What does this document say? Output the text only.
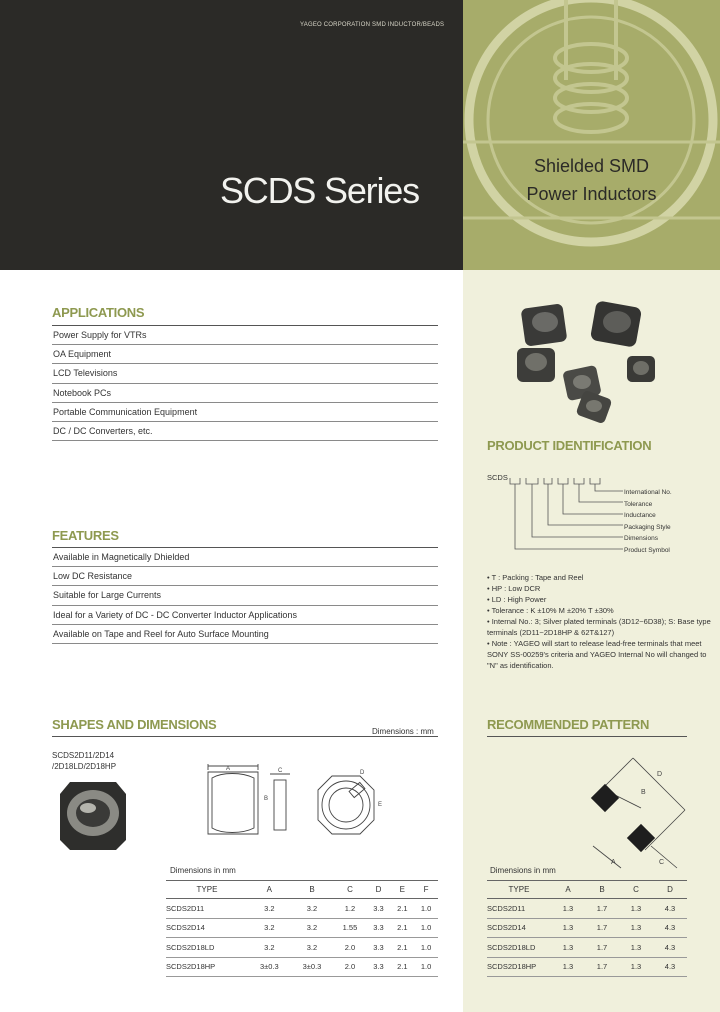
YAGEO CORPORATION SMD INDUCTOR/BEADS
SCDS Series
Shielded SMD
Power Inductors
APPLICATIONS
Power Supply for VTRs
OA Equipment
LCD Televisions
Notebook PCs
Portable Communication Equipment
DC / DC Converters, etc.
FEATURES
Available in Magnetically Dhielded
Low DC Resistance
Suitable for Large Currents
Ideal for a Variety of DC - DC Converter Inductor Applications
Available on Tape and Reel for Auto Surface Mounting
PRODUCT IDENTIFICATION
SCDS
International No.
Tolerance
Inductance
Packaging Style
Dimensions
Product Symbol

• T : Packing : Tape and Reel

• HP : Low DCR

• LD : High Power

• Tolerance : K ±10% M ±20% T ±30%

• Internal No.: 3; Silver plated terminals (3D12~6D38); S: Base type terminals (2D11~2D18HP & 62T&127)

• Note : YAGEO will start to release lead-free terminals that meet SONY SS-00259's criteria and YAGEO Internal No will changed to "N" as identification.

SHAPES AND DIMENSIONS	Dimensions : mm
SCDS2D11/2D14
/2D18LD/2D18HP	A
B
C	D
E
Dimensions in mm
TYPE	A	B	C	D	E	F
SCDS2D11	3.2	3.2	1.2	3.3	2.1	1.0
SCDS2D14	3.2	3.2	1.55	3.3	2.1	1.0
SCDS2D18LD	3.2	3.2	2.0	3.3	2.1	1.0
SCDS2D18HP	3±0.3	3±0.3	2.0	3.3	2.1	1.0
RECOMMENDED PATTERN
D
B
A	C
Dimensions in mm
TYPE	A	B	C	D
SCDS2D11	1.3	1.7	1.3	4.3
SCDS2D14	1.3	1.7	1.3	4.3
SCDS2D18LD	1.3	1.7	1.3	4.3
SCDS2D18HP	1.3	1.7	1.3	4.3
